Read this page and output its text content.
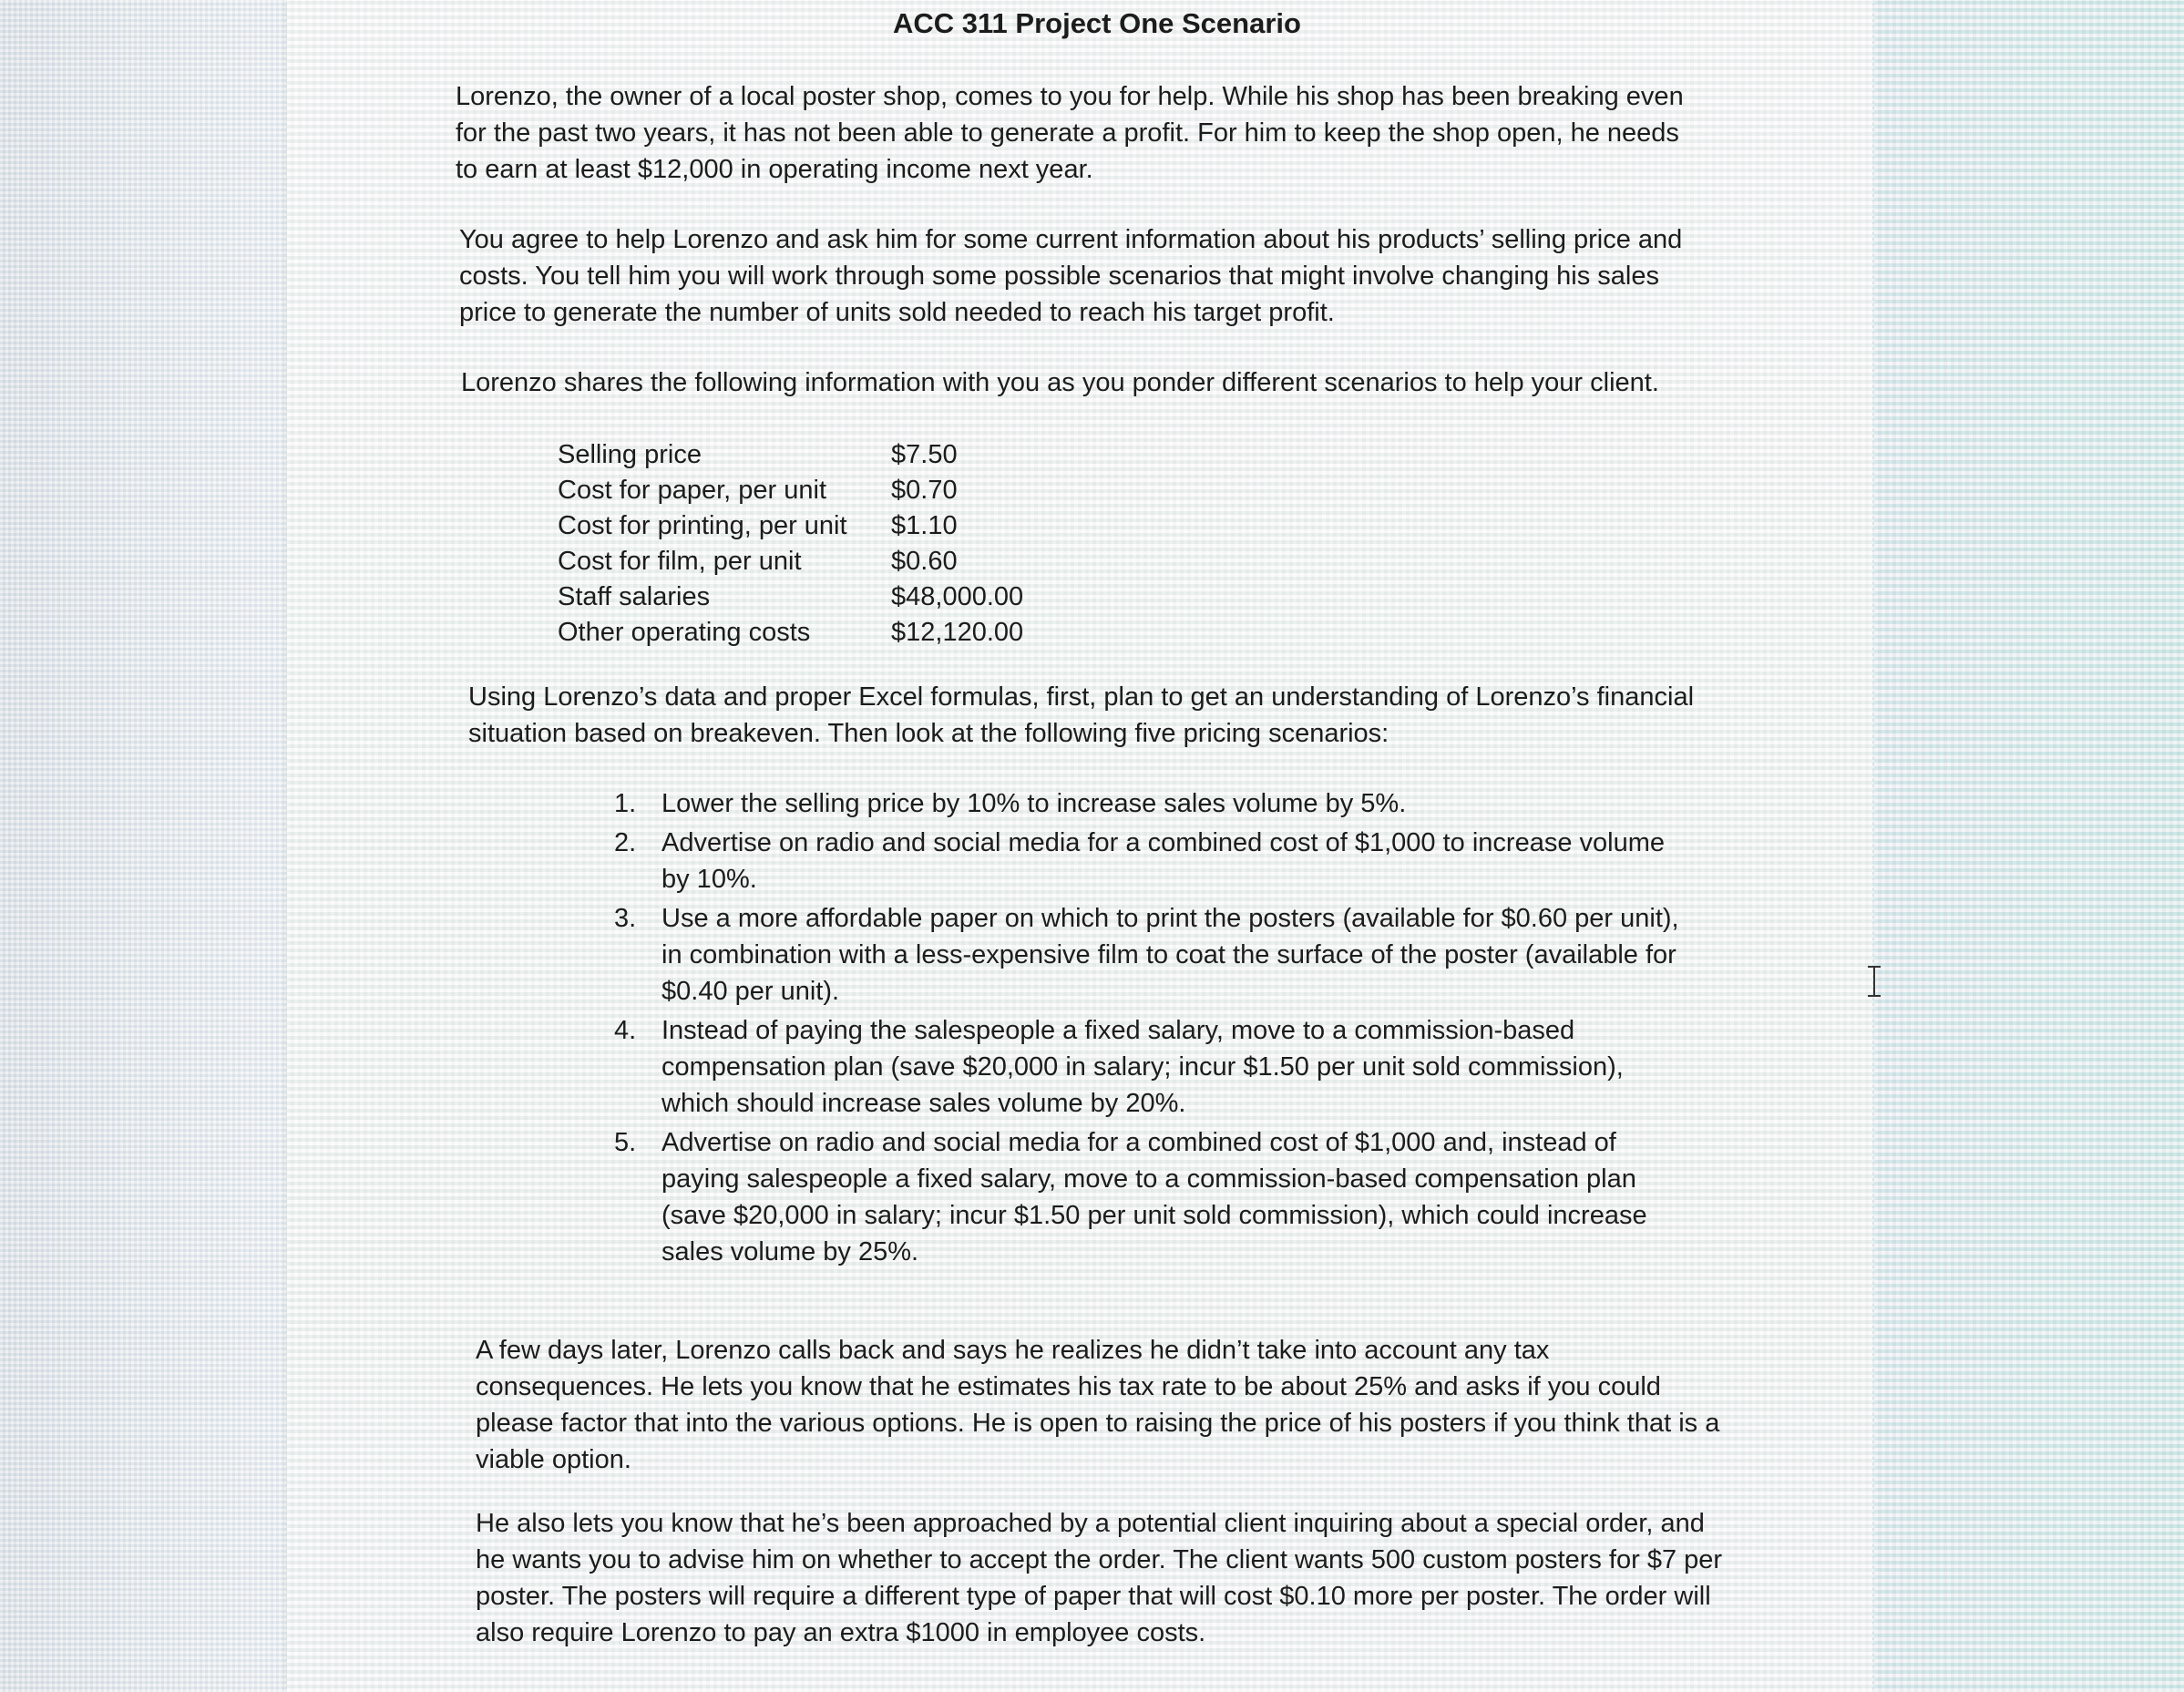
ACC 311 Project One Scenario
Lorenzo, the owner of a local poster shop, comes to you for help. While his shop has been breaking even for the past two years, it has not been able to generate a profit. For him to keep the shop open, he needs to earn at least $12,000 in operating income next year.
You agree to help Lorenzo and ask him for some current information about his products’ selling price and costs. You tell him you will work through some possible scenarios that might involve changing his sales price to generate the number of units sold needed to reach his target profit.
Lorenzo shares the following information with you as you ponder different scenarios to help your client.
Selling price	$7.50
Cost for paper, per unit	$0.70
Cost for printing, per unit	$1.10
Cost for film, per unit	$0.60
Staff salaries	$48,000.00
Other operating costs	$12,120.00
Using Lorenzo’s data and proper Excel formulas, first, plan to get an understanding of Lorenzo’s financial situation based on breakeven. Then look at the following five pricing scenarios:
1. Lower the selling price by 10% to increase sales volume by 5%.
2. Advertise on radio and social media for a combined cost of $1,000 to increase volume by 10%.
3. Use a more affordable paper on which to print the posters (available for $0.60 per unit), in combination with a less-expensive film to coat the surface of the poster (available for $0.40 per unit).
4. Instead of paying the salespeople a fixed salary, move to a commission-based compensation plan (save $20,000 in salary; incur $1.50 per unit sold commission), which should increase sales volume by 20%.
5. Advertise on radio and social media for a combined cost of $1,000 and, instead of paying salespeople a fixed salary, move to a commission-based compensation plan (save $20,000 in salary; incur $1.50 per unit sold commission), which could increase sales volume by 25%.
A few days later, Lorenzo calls back and says he realizes he didn’t take into account any tax consequences. He lets you know that he estimates his tax rate to be about 25% and asks if you could please factor that into the various options. He is open to raising the price of his posters if you think that is a viable option.
He also lets you know that he’s been approached by a potential client inquiring about a special order, and he wants you to advise him on whether to accept the order. The client wants 500 custom posters for $7 per poster. The posters will require a different type of paper that will cost $0.10 more per poster. The order will also require Lorenzo to pay an extra $1000 in employee costs.
